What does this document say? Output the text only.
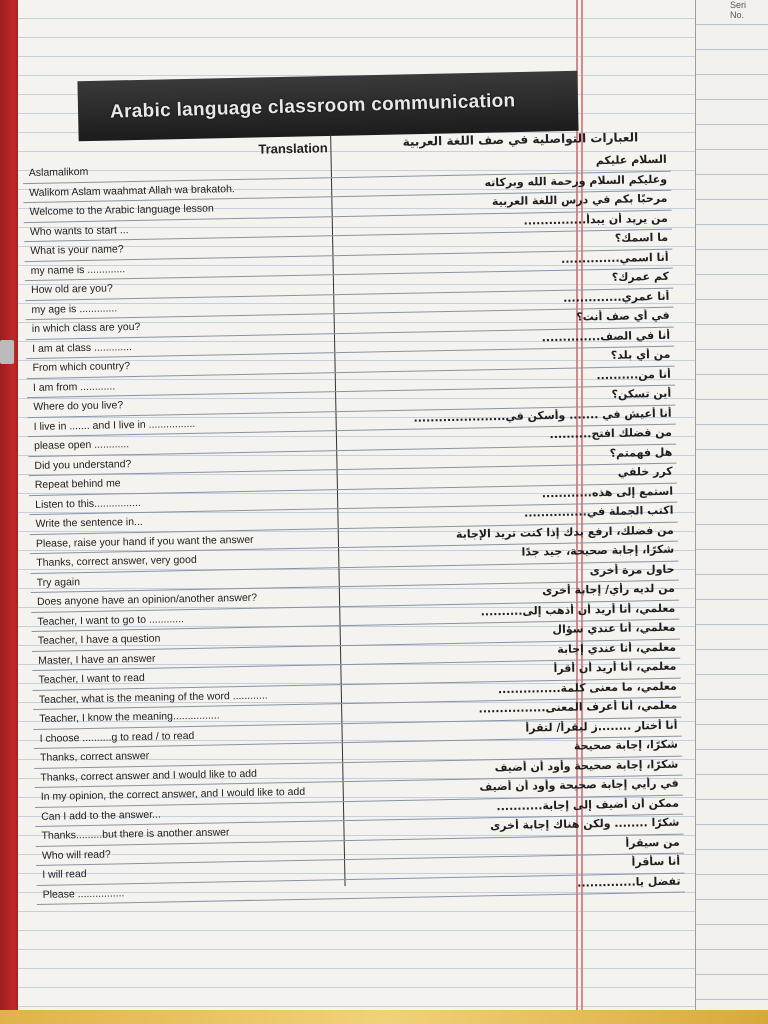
Seri
No.
Arabic language classroom communication
Translation	العبارات التواصلية في صف اللغة العربية
Aslamalikom
السلام عليكم
Walikom Aslam waahmat Allah wa brakatoh.
وعليكم السلام ورحمة الله وبركاته
Welcome to the Arabic language lesson
مرحبًا بكم في درس اللغة العربية
Who wants to start ...
من يريد أن يبدأ...............
What is your name?
ما اسمك؟
my name is .............
أنا اسمي..............
How old are you?
كم عمرك؟
my age is .............
أنا عمري..............
in which class are you?
في أي صف أنت؟
I am at class .............
أنا في الصف..............
From which country?
من أي بلد؟
I am from ............
أنا من..........
Where do you live?
أين تسكن؟
I live in ....... and I live in ................
أنا أعيش في ....... وأسكن في......................
please open ............
من فضلك افتح..........
Did you understand?
هل فهمتم؟
Repeat behind me
كرر خلفي
Listen to this................
استمع إلى هذه............
Write the sentence in...
اكتب الجملة في...............
Please, raise your hand if you want the answer
من فضلك، ارفع يدك إذا كنت تريد الإجابة
Thanks, correct answer, very good
شكرًا، إجابة صحيحة، جيد جدًا
Try again
حاول مرة أخرى
Does anyone have an opinion/another answer?
من لديه رأي/ إجابة أخرى
Teacher, I want to go to ............
معلمي، أنا أريد أن أذهب إلى..........
Teacher, I have a question
معلمي، أنا عندي سؤال
Master, I have an answer
معلمي، أنا عندي إجابة
Teacher, I want to read
معلمي، أنا أريد أن أقرأ
Teacher, what is the meaning of the word ............
معلمي، ما معنى كلمة...............
Teacher, I know the meaning................
معلمي، أنا أعرف المعنى................
I choose ..........g to read / to read
أنا أختار ........ز ليقرأ/ لتقرأ
Thanks, correct answer
شكرًا، إجابة صحيحة
Thanks, correct answer and I would like to add
شكرًا، إجابة صحيحة وأود أن أضيف
In my opinion, the correct answer, and I would like to add
في رأيي إجابة صحيحة وأود أن أضيف
Can I add to the answer...
ممكن أن أضيف إلى إجابة...........
Thanks.........but there is another answer
شكرًا ........ ولكن هناك إجابة أخرى
Who will read?
من سيقرأ
I will read
أنا سأقرأ
Please ................
تفضل يا..............
